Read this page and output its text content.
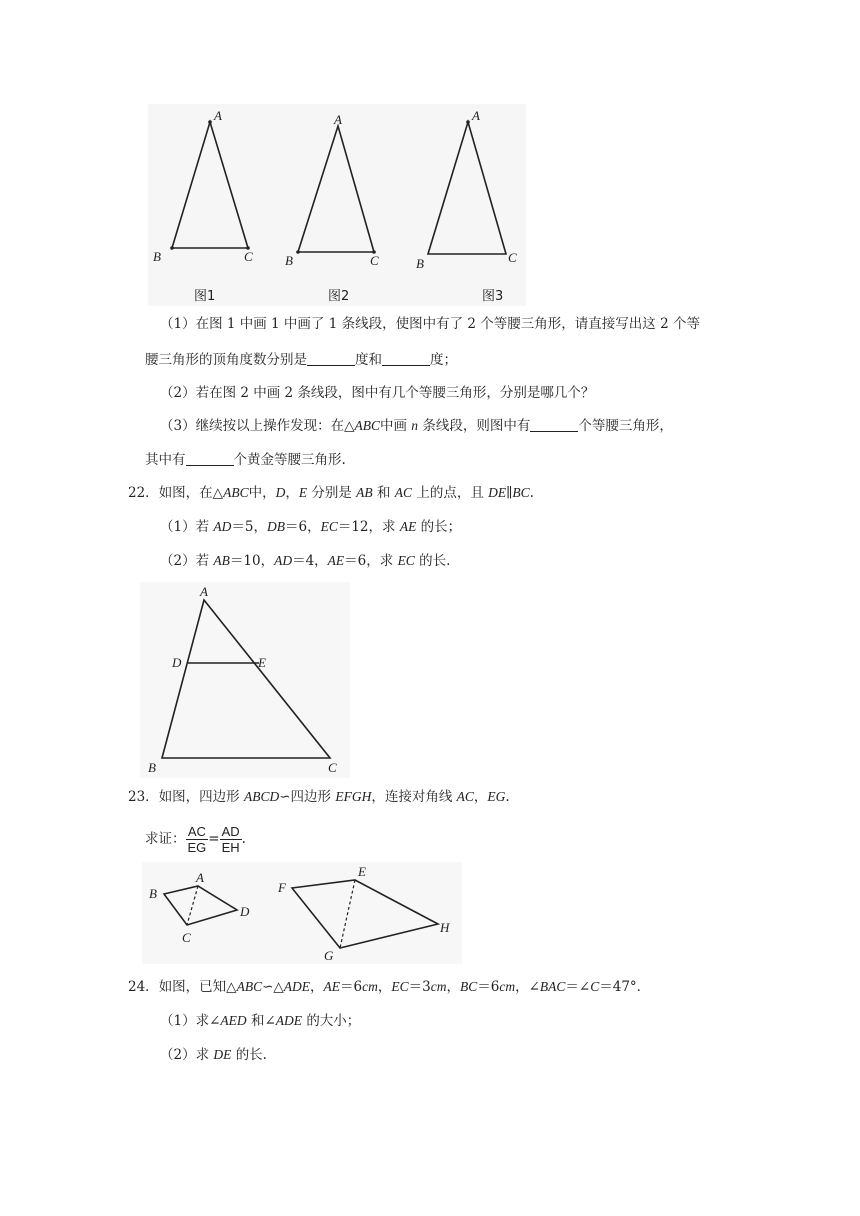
A
B	C
图1
A
B	C
图2
A
B	C
图3
（1）在图 1 中画 1 中画了 1 条线段，使图中有了 2 个等腰三角形，请直接写出这 2 个等
腰三角形的顶角度数分别是	度和	度；
（2）若在图 2 中画 2 条线段，图中有几个等腰三角形，分别是哪几个？
（3）继续按以上操作发现：在△ABC中画 n 条线段，则图中有	个等腰三角形，
其中有	个黄金等腰三角形.
22．如图，在△ABC中，D，E 分别是 AB 和 AC 上的点，且 DE∥BC.
（1）若 AD＝5，DB＝6，EC＝12，求 AE 的长；
（2）若 AB＝10，AD＝4，AE＝6，求 EC 的长.
A
D	E
B	C
23．如图，四边形 ABCD∽四边形 EFGH，连接对角线 AC，EG.
求证： $\frac{AC}{EG} = \frac{AD}{EH}$ .
B
A
D
C
F
E
H
G
24．如图，已知△ABC∽△ADE，AE＝6cm，EC＝3cm，BC＝6cm，∠BAC＝∠C＝47°．
（1）求∠AED 和∠ADE 的大小；
（2）求 DE 的长.
